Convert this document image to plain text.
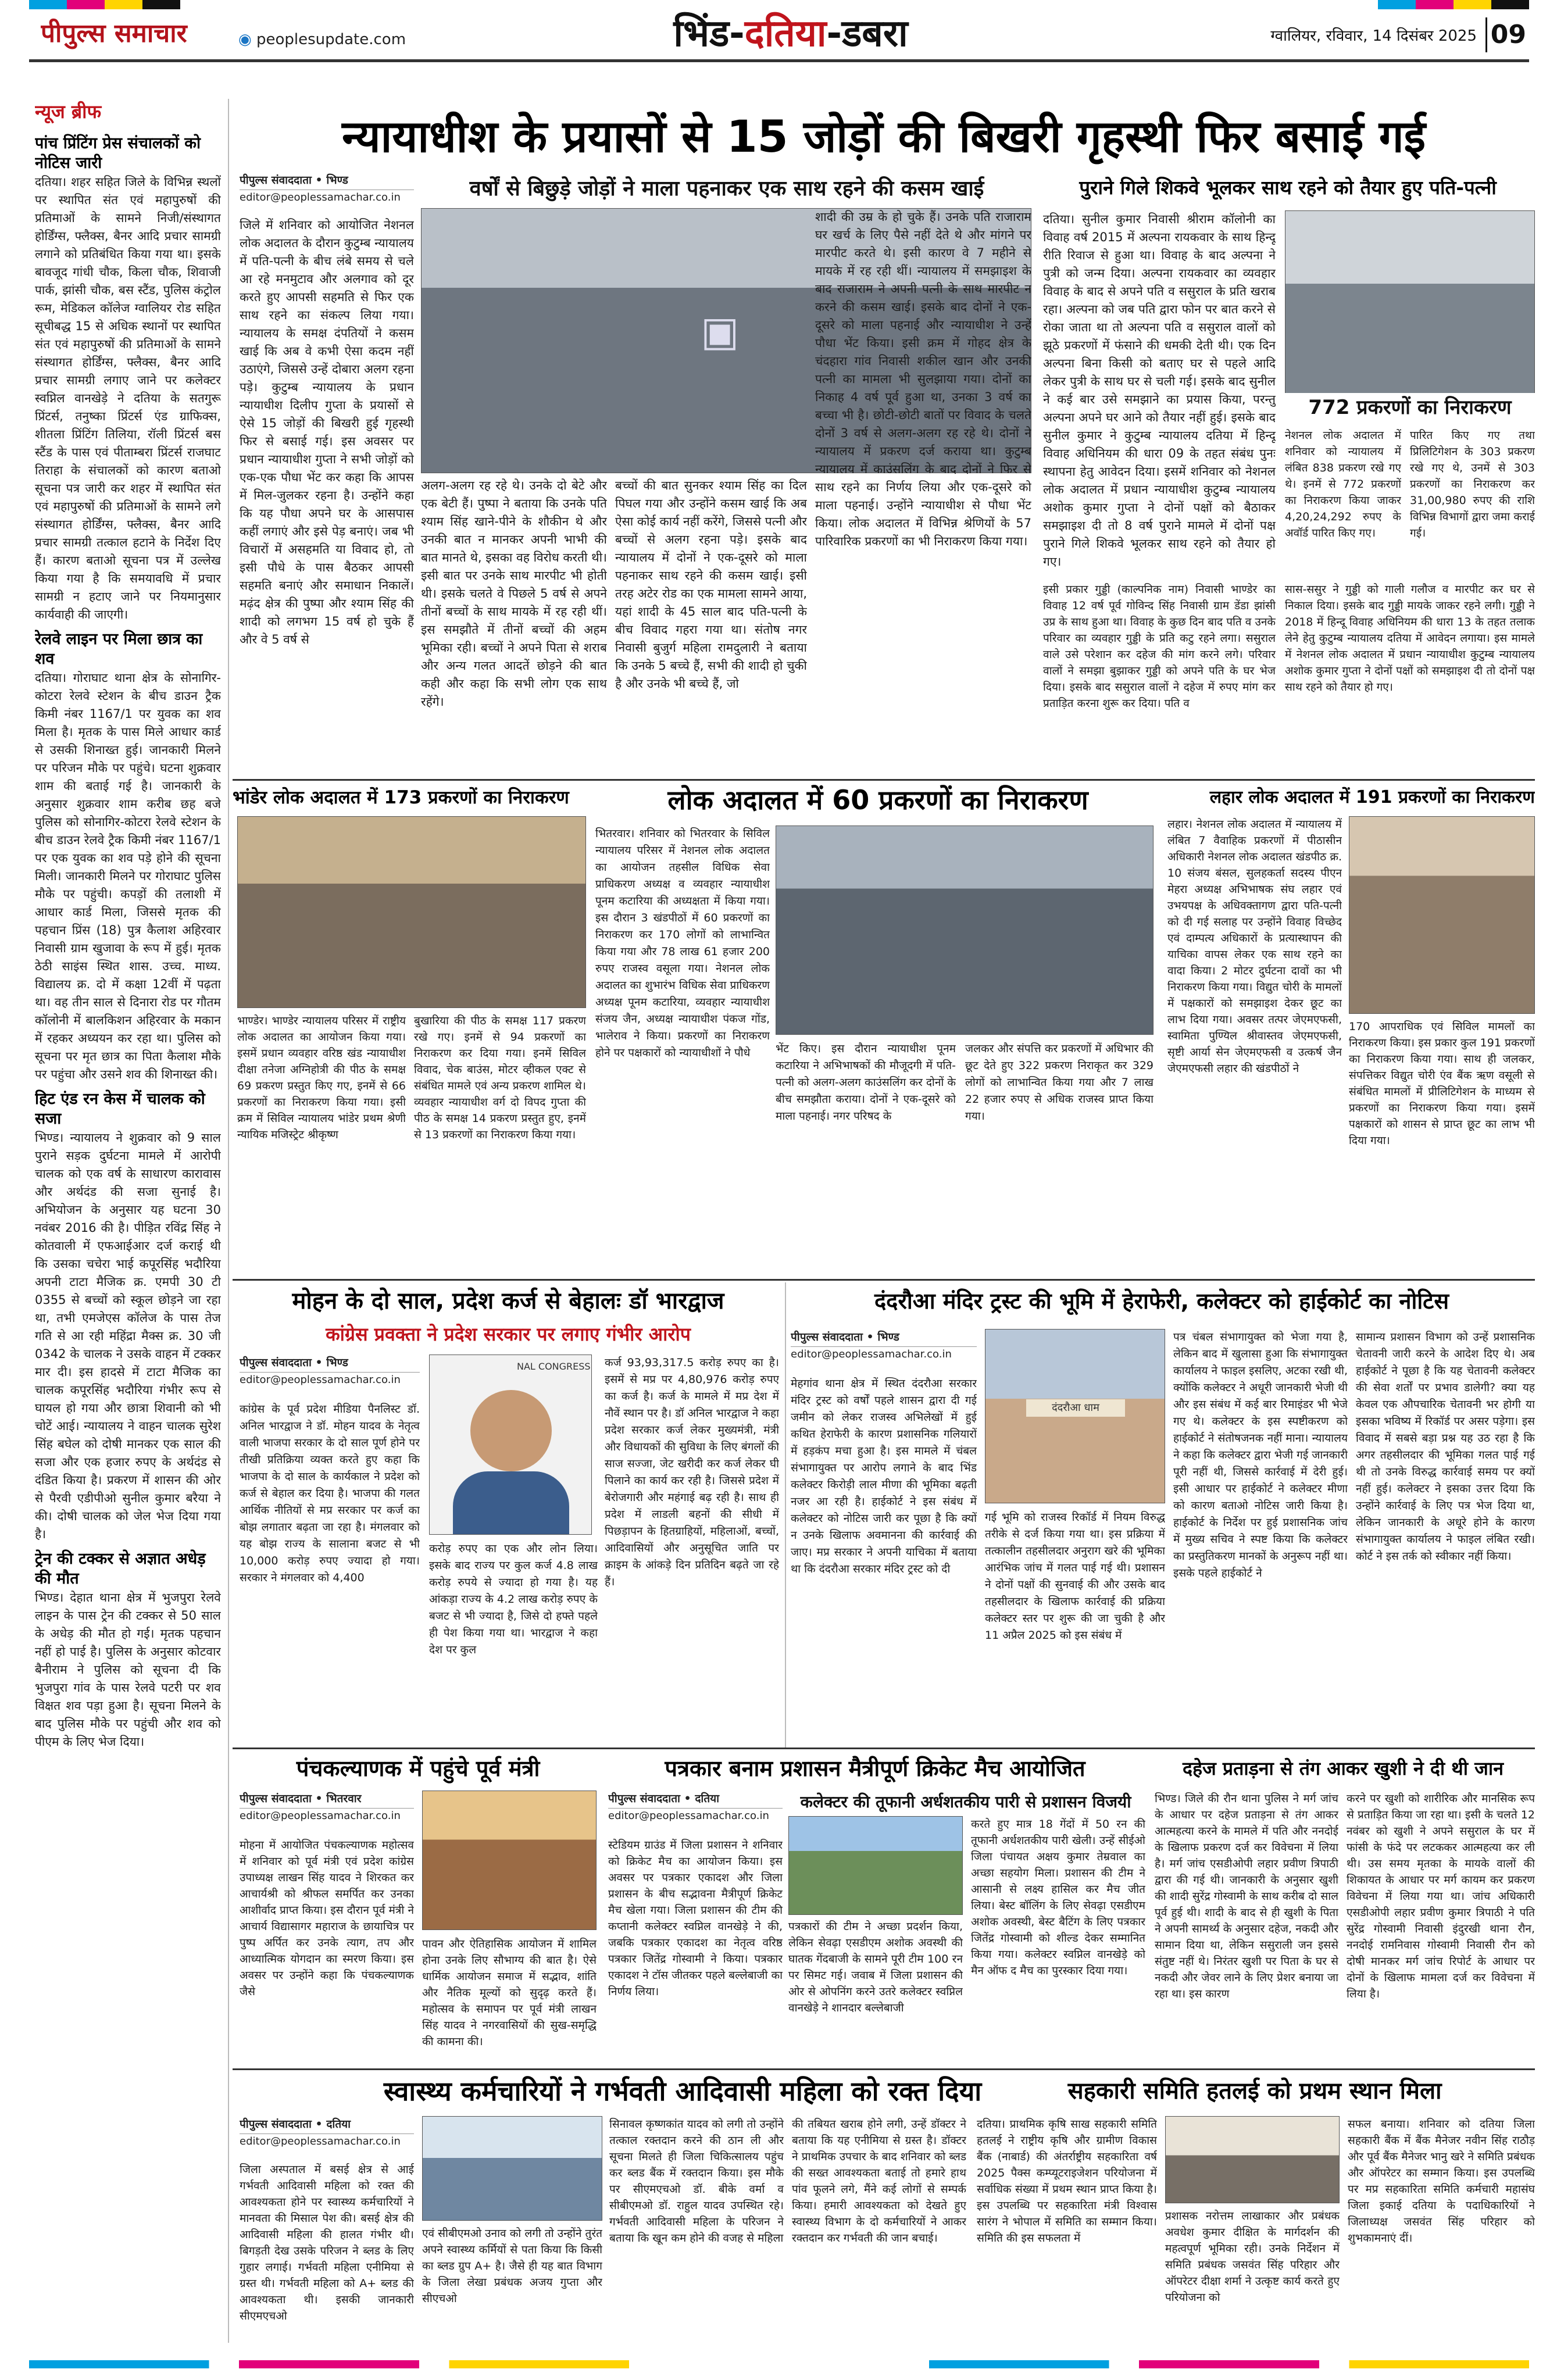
पीपुल्स समाचार	◉ peoplesupdate.com	भिंड-दतिया-डबरा	ग्वालियर, रविवार, 14 दिसंबर 2025 09
न्यूज ब्रीफ
पांच प्रिंटिंग प्रेस संचालकों को नोटिस जारी
दतिया। शहर सहित जिले के विभिन्न स्थलों पर स्थापित संत एवं महापुरुषों की प्रतिमाओं के सामने निजी/संस्थागत होर्डिंग्स, फ्लैक्स, बैनर आदि प्रचार सामग्री लगाने को प्रतिबंधित किया गया था। इसके बावजूद गांधी चौक, किला चौक, शिवाजी पार्क, झांसी चौक, बस स्टैंड, पुलिस कंट्रोल रूम, मेडिकल कॉलेज ग्वालियर रोड सहित सूचीबद्ध 15 से अधिक स्थानों पर स्थापित संत एवं महापुरुषों की प्रतिमाओं के सामने संस्थागत होर्डिंग्स, फ्लैक्स, बैनर आदि प्रचार सामग्री लगाए जाने पर कलेक्टर स्वप्निल वानखेड़े ने दतिया के सतगुरू प्रिंटर्स, तनुष्का प्रिंटर्स एंड ग्राफिक्स, शीतला प्रिंटिंग तिलिया, रॉली प्रिंटर्स बस स्टैंड के पास एवं पीताम्बरा प्रिंटर्स राजघाट तिराहा के संचालकों को कारण बताओ सूचना पत्र जारी कर शहर में स्थापित संत एवं महापुरुषों की प्रतिमाओं के सामने लगे संस्थागत होर्डिंग्स, फ्लैक्स, बैनर आदि प्रचार सामग्री तत्काल हटाने के निर्देश दिए हैं। कारण बताओ सूचना पत्र में उल्लेख किया गया है कि समयावधि में प्रचार सामग्री न हटाए जाने पर नियमानुसार कार्यवाही की जाएगी।
रेलवे लाइन पर मिला छात्र का शव
दतिया। गोराघाट थाना क्षेत्र के सोनागिर-कोटरा रेलवे स्टेशन के बीच डाउन ट्रैक किमी नंबर 1167/1 पर युवक का शव मिला है। मृतक के पास मिले आधार कार्ड से उसकी शिनाख्त हुई। जानकारी मिलने पर परिजन मौके पर पहुंचे। घटना शुक्रवार शाम की बताई गई है। जानकारी के अनुसार शुक्रवार शाम करीब छह बजे पुलिस को सोनागिर-कोटरा रेलवे स्टेशन के बीच डाउन रेलवे ट्रैक किमी नंबर 1167/1 पर एक युवक का शव पड़े होने की सूचना मिली। जानकारी मिलने पर गोराघाट पुलिस मौके पर पहुंची। कपड़ों की तलाशी में आधार कार्ड मिला, जिससे मृतक की पहचान प्रिंस (18) पुत्र कैलाश अहिरवार निवासी ग्राम खुजावा के रूप में हुई। मृतक ठेठी साइंस स्थित शास. उच्च. माध्य. विद्यालय क्र. दो में कक्षा 12वीं में पढ़ता था। वह तीन साल से दिनारा रोड पर गौतम कॉलोनी में बालकिशन अहिरवार के मकान में रहकर अध्ययन कर रहा था। पुलिस को सूचना पर मृत छात्र का पिता कैलाश मौके पर पहुंचा और उसने शव की शिनाख्त की।
हिट एंड रन केस में चालक को सजा
भिण्ड। न्यायालय ने शुक्रवार को 9 साल पुराने सड़क दुर्घटना मामले में आरोपी चालक को एक वर्ष के साधारण कारावास और अर्थदंड की सजा सुनाई है। अभियोजन के अनुसार यह घटना 30 नवंबर 2016 की है। पीड़ित रविंद्र सिंह ने कोतवाली में एफआईआर दर्ज कराई थी कि उसका चचेरा भाई कपूरसिंह भदौरिया अपनी टाटा मैजिक क्र. एमपी 30 टी 0355 से बच्चों को स्कूल छोड़ने जा रहा था, तभी एमजेएस कॉलेज के पास तेज गति से आ रही महिंद्रा मैक्स क्र. 30 जी 0342 के चालक ने उसके वाहन में टक्कर मार दी। इस हादसे में टाटा मैजिक का चालक कपूरसिंह भदौरिया गंभीर रूप से घायल हो गया और छात्रा शिवानी को भी चोटें आई। न्यायालय ने वाहन चालक सुरेश सिंह बघेल को दोषी मानकर एक साल की सजा और एक हजार रुपए के अर्थदंड से दंडित किया है। प्रकरण में शासन की ओर से पैरवी एडीपीओ सुनील कुमार बरैया ने की। दोषी चालक को जेल भेज दिया गया है।
ट्रेन की टक्कर से अज्ञात अधेड़ की मौत
भिण्ड। देहात थाना क्षेत्र में भुजपुरा रेलवे लाइन के पास ट्रेन की टक्कर से 50 साल के अधेड़ की मौत हो गई। मृतक पहचान नहीं हो पाई है। पुलिस के अनुसार कोटवार बैनीराम ने पुलिस को सूचना दी कि भुजपुरा गांव के पास रेलवे पटरी पर शव विक्षत शव पड़ा हुआ है। सूचना मिलने के बाद पुलिस मौके पर पहुंची और शव को पीएम के लिए भेज दिया।
न्यायाधीश के प्रयासों से 15 जोड़ों की बिखरी गृहस्थी फिर बसाई गई
पीपुल्स संवाददाता • भिण्ड
editor@peoplessamachar.co.in	वर्षों से बिछुड़े जोड़ों ने माला पहनाकर एक साथ रहने की कसम खाई
जिले में शनिवार को आयोजित नेशनल लोक अदालत के दौरान कुटुम्ब न्यायालय में पति-पत्नी के बीच लंबे समय से चले आ रहे मनमुटाव और अलगाव को दूर करते हुए आपसी सहमति से फिर एक साथ रहने का संकल्प लिया गया। न्यायालय के समक्ष दंपतियों ने कसम खाई कि अब वे कभी ऐसा कदम नहीं उठाएंगे, जिससे उन्हें दोबारा अलग रहना पड़े। कुटुम्ब न्यायालय के प्रधान न्यायाधीश दिलीप गुप्ता के प्रयासों से ऐसे 15 जोड़ों की बिखरी हुई गृहस्थी फिर से बसाई गई। इस अवसर पर प्रधान न्यायाधीश गुप्ता ने सभी जोड़ों को एक-एक पौधा भेंट कर कहा कि आपस में मिल-जुलकर रहना है। उन्होंने कहा कि यह पौधा अपने घर के आसपास कहीं लगाएं और इसे पेड़ बनाएं। जब भी विचारों में असहमति या विवाद हो, तो इसी पौधे के पास बैठकर आपसी सहमति बनाएं और समाधान निकालें। मढ़ंद क्षेत्र की पुष्पा और श्याम सिंह की शादी को लगभग 15 वर्ष हो चुके हैं और वे 5 वर्ष से
▣
अलग-अलग रह रहे थे। उनके दो बेटे और एक बेटी हैं। पुष्पा ने बताया कि उनके पति श्याम सिंह खाने-पीने के शौकीन थे और उनकी बात न मानकर अपनी भाभी की बात मानते थे, इसका वह विरोध करती थी। इसी बात पर उनके साथ मारपीट भी होती थी। इसके चलते वे पिछले 5 वर्ष से अपने तीनों बच्चों के साथ मायके में रह रही थीं। इस समझौते में तीनों बच्चों की अहम भूमिका रही। बच्चों ने अपने पिता से शराब और अन्य गलत आदतें छोड़ने की बात कही और कहा कि सभी लोग एक साथ रहेंगे।
बच्चों की बात सुनकर श्याम सिंह का दिल पिघल गया और उन्होंने कसम खाई कि अब ऐसा कोई कार्य नहीं करेंगे, जिससे पत्नी और बच्चों से अलग रहना पड़े। इसके बाद न्यायालय में दोनों ने एक-दूसरे को माला पहनाकर साथ रहने की कसम खाई। इसी तरह अटेर रोड का एक मामला सामने आया, यहां शादी के 45 साल बाद पति-पत्नी के बीच विवाद गहरा गया था। संतोष नगर निवासी बुजुर्ग महिला रामदुलारी ने बताया कि उनके 5 बच्चे हैं, सभी की शादी हो चुकी है और उनके भी बच्चे हैं, जो
शादी की उम्र के हो चुके हैं। उनके पति राजाराम घर खर्च के लिए पैसे नहीं देते थे और मांगने पर मारपीट करते थे। इसी कारण वे 7 महीने से मायके में रह रही थीं। न्यायालय में समझाइश के बाद राजाराम ने अपनी पत्नी के साथ मारपीट न करने की कसम खाई। इसके बाद दोनों ने एक-दूसरे को माला पहनाई और न्यायाधीश ने उन्हें पौधा भेंट किया। इसी क्रम में गोहद क्षेत्र के चंदहारा गांव निवासी शकील खान और उनकी पत्नी का मामला भी सुलझाया गया। दोनों का निकाह 4 वर्ष पूर्व हुआ था, उनका 3 वर्ष का बच्चा भी है। छोटी-छोटी बातों पर विवाद के चलते दोनों 3 वर्ष से अलग-अलग रह रहे थे। दोनों ने न्यायालय में प्रकरण दर्ज कराया था। कुटुम्ब न्यायालय में काउंसलिंग के बाद दोनों ने फिर से साथ रहने का निर्णय लिया और एक-दूसरे को माला पहनाई। उन्होंने न्यायाधीश से पौधा भेंट किया। लोक अदालत में विभिन्न श्रेणियों के 57 पारिवारिक प्रकरणों का भी निराकरण किया गया।
पुराने गिले शिकवे भूलकर साथ रहने को तैयार हुए पति-पत्नी
दतिया। सुनील कुमार निवासी श्रीराम कॉलोनी का विवाह वर्ष 2015 में अल्पना रायकवार के साथ हिन्दू रीति रिवाज से हुआ था। विवाह के बाद अल्पना ने पुत्री को जन्म दिया। अल्पना रायकवार का व्यवहार विवाह के बाद से अपने पति व ससुराल के प्रति खराब रहा। अल्पना को जब पति द्वारा फोन पर बात करने से रोका जाता था तो अल्पना पति व ससुराल वालों को झूठे प्रकरणों में फंसाने की धमकी देती थी। एक दिन अल्पना बिना किसी को बताए घर से पहले आदि लेकर पुत्री के साथ घर से चली गई। इसके बाद सुनील ने कई बार उसे समझाने का प्रयास किया, परन्तु अल्पना अपने घर आने को तैयार नहीं हुई। इसके बाद सुनील कुमार ने कुटुम्ब न्यायालय दतिया में हिन्दू विवाह अधिनियम की धारा 09 के तहत संबंध पुनः स्थापना हेतु आवेदन दिया। इसमें शनिवार को नेशनल लोक अदालत में प्रधान न्यायाधीश कुटुम्ब न्यायालय अशोक कुमार गुप्ता ने दोनों पक्षों को बैठाकर समझाइश दी तो 8 वर्ष पुराने मामले में दोनों पक्ष पुराने गिले शिकवे भूलकर साथ रहने को तैयार हो गए।
772 प्रकरणों का निराकरण
नेशनल लोक अदालत में शनिवार को न्यायालय में लंबित 838 प्रकरण रखे गए थे। इनमें से 772 प्रकरणों का निराकरण किया जाकर 4,20,24,292 रुपए के अवॉर्ड पारित किए गए।
पारित किए गए तथा प्रिलिटिगेशन के 303 प्रकरण रखे गए थे, उनमें से 303 प्रकरणों का निराकरण कर 31,00,980 रुपए की राशि विभिन्न विभागों द्वारा जमा कराई गई।
इसी प्रकार गुड्डी (काल्पनिक नाम) निवासी भाण्डेर का विवाह 12 वर्ष पूर्व गोविन्द सिंह निवासी ग्राम डेंडा झांसी उप्र के साथ हुआ था। विवाह के कुछ दिन बाद पति व उनके परिवार का व्यवहार गुड्डी के प्रति कटु रहने लगा। ससुराल वाले उसे परेशान कर दहेज की मांग करने लगे। परिवार वालों ने समझा बुझाकर गुड्डी को अपने पति के घर भेज दिया। इसके बाद ससुराल वालों ने दहेज में रुपए मांग कर प्रताड़ित करना शुरू कर दिया। पति व
सास-ससुर ने गुड्डी को गाली गलौज व मारपीट कर घर से निकाल दिया। इसके बाद गुड्डी मायके जाकर रहने लगी। गुड्डी ने 2018 में हिन्दू विवाह अधिनियम की धारा 13 के तहत तलाक लेने हेतु कुटुम्ब न्यायालय दतिया में आवेदन लगाया। इस मामले में नेशनल लोक अदालत में प्रधान न्यायाधीश कुटुम्ब न्यायालय अशोक कुमार गुप्ता ने दोनों पक्षों को समझाइश दी तो दोनों पक्ष साथ रहने को तैयार हो गए।
भांडेर लोक अदालत में 173 प्रकरणों का निराकरण
भाण्डेर। भाण्डेर न्यायालय परिसर में राष्ट्रीय लोक अदालत का आयोजन किया गया। इसमें प्रधान व्यवहार वरिष्ठ खंड न्यायाधीश दीक्षा तनेजा अग्निहोत्री की पीठ के समक्ष 69 प्रकरण प्रस्तुत किए गए, इनमें से 66 प्रकरणों का निराकरण किया गया। इसी क्रम में सिविल न्यायालय भांडेर प्रथम श्रेणी न्यायिक मजिस्ट्रेट श्रीकृष्ण
बुखारिया की पीठ के समक्ष 117 प्रकरण रखे गए। इनमें से 94 प्रकरणों का निराकरण कर दिया गया। इनमें सिविल विवाद, चेक बाउंस, मोटर व्हीकल एक्ट से संबंधित मामले एवं अन्य प्रकरण शामिल थे। व्यवहार न्यायाधीश वर्ग दो विपद गुप्ता की पीठ के समक्ष 14 प्रकरण प्रस्तुत हुए, इनमें से 13 प्रकरणों का निराकरण किया गया।
लोक अदालत में 60 प्रकरणों का निराकरण
भितरवार। शनिवार को भितरवार के सिविल न्यायालय परिसर में नेशनल लोक अदालत का आयोजन तहसील विधिक सेवा प्राधिकरण अध्यक्ष व व्यवहार न्यायाधीश पूनम कटारिया की अध्यक्षता में किया गया। इस दौरान 3 खंडपीठों में 60 प्रकरणों का निराकरण कर 170 लोगों को लाभान्वित किया गया और 78 लाख 61 हजार 200 रुपए राजस्व वसूला गया। नेशनल लोक अदालत का शुभारंभ विधिक सेवा प्राधिकरण अध्यक्ष पूनम कटारिया, व्यवहार न्यायाधीश संजय जैन, अध्यक्ष न्यायाधीश पंकज गोंड, भालेराव ने किया। प्रकरणों का निराकरण होने पर पक्षकारों को न्यायाधीशों ने पौधे	भेंट किए। इस दौरान न्यायाधीश पूनम कटारिया ने अभिभाषकों की मौजूदगी में पति-पत्नी को अलग-अलग काउंसलिंग कर दोनों के बीच समझौता कराया। दोनों ने एक-दूसरे को माला पहनाई। नगर परिषद के
जलकर और संपत्ति कर प्रकरणों में अधिभार की छूट देते हुए 322 प्रकरण निराकृत कर 329 लोगों को लाभान्वित किया गया और 7 लाख 22 हजार रुपए से अधिक राजस्व प्राप्त किया गया।
लहार लोक अदालत में 191 प्रकरणों का निराकरण
लहार। नेशनल लोक अदालत में न्यायालय में लंबित 7 वैवाहिक प्रकरणों में पीठासीन अधिकारी नेशनल लोक अदालत खंडपीठ क्र. 10 संजय बंसल, सुलहकर्ता सदस्य पीएन मेहरा अध्यक्ष अभिभाषक संघ लहार एवं उभयपक्ष के अधिवक्तागण द्वारा पति-पत्नी को दी गई सलाह पर उन्होंने विवाह विच्छेद एवं दाम्पत्य अधिकारों के प्रत्यास्थापन की याचिका वापस लेकर एक साथ रहने का वादा किया। 2 मोटर दुर्घटना दावों का भी निराकरण किया गया। विद्युत चोरी के मामलों में पक्षकारों को समझाइश देकर छूट का लाभ दिया गया। अवसर तत्पर जेएमएफसी, स्वामिता पुण्यिल श्रीवास्तव जेएमएफसी, सृष्टी आर्या सेन जेएमएफसी व उत्कर्ष जैन जेएमएफसी लहार की खंडपीठों ने
170 आपराधिक एवं सिविल मामलों का निराकरण किया। इस प्रकार कुल 191 प्रकरणों का निराकरण किया गया। साथ ही जलकर, संपत्तिकर विद्युत चोरी एंव बैंक ऋण वसूली से संबंधित मामलों में प्रीलिटिगेशन के माध्यम से प्रकरणों का निराकरण किया गया। इसमें पक्षकारों को शासन से प्राप्त छूट का लाभ भी दिया गया।
मोहन के दो साल, प्रदेश कर्ज से बेहालः डॉ भारद्वाज
कांग्रेस प्रवक्ता ने प्रदेश सरकार पर लगाए गंभीर आरोप
पीपुल्स संवाददाता • भिण्ड
editor@peoplessamachar.co.in
कांग्रेस के पूर्व प्रदेश मीडिया पैनलिस्ट डॉ. अनिल भारद्वाज ने डॉ. मोहन यादव के नेतृत्व वाली भाजपा सरकार के दो साल पूर्ण होने पर तीखी प्रतिक्रिया व्यक्त करते हुए कहा कि भाजपा के दो साल के कार्यकाल ने प्रदेश को कर्ज से बेहाल कर दिया है। भाजपा की गलत आर्थिक नीतियों से मप्र सरकार पर कर्ज का बोझ लगातार बढ़ता जा रहा है। मंगलवार को यह बोझ राज्य के सालाना बजट से भी 10,000 करोड़ रुपए ज्यादा हो गया। सरकार ने मंगलवार को 4,400
NAL CONGRESS
करोड़ रुपए का एक और लोन लिया। इसके बाद राज्य पर कुल कर्ज 4.8 लाख करोड़ रुपये से ज्यादा हो गया है। यह आंकड़ा राज्य के 4.2 लाख करोड़ रुपए के बजट से भी ज्यादा है, जिसे दो हफ्ते पहले ही पेश किया गया था। भारद्वाज ने कहा देश पर कुल
कर्ज 93,93,317.5 करोड़ रुपए का है। इसमें से मप्र पर 4,80,976 करोड़ रुपए का कर्ज है। कर्ज के मामले में मप्र देश में नौवें स्थान पर है। डॉ अनिल भारद्वाज ने कहा प्रदेश सरकार कर्ज लेकर मुख्यमंत्री, मंत्री और विधायकों की सुविधा के लिए बंगलों की साज सज्जा, जेट खरीदी कर कर्ज लेकर घी पिलाने का कार्य कर रही है। जिससे प्रदेश में बेरोजगारी और महंगाई बढ़ रही है। साथ ही प्रदेश में लाडली बहनों की सीधी में पिछड़ापन के हितग्राहियों, महिलाओं, बच्चों, आदिवासियों और अनुसूचित जाति पर क्राइम के आंकड़े दिन प्रतिदिन बढ़ते जा रहे हैं।
दंदरौआ मंदिर ट्रस्ट की भूमि में हेराफेरी, कलेक्टर को हाईकोर्ट का नोटिस
पीपुल्स संवाददाता • भिण्ड
editor@peoplessamachar.co.in
मेहगांव थाना क्षेत्र में स्थित दंदरौआ सरकार मंदिर ट्रस्ट को वर्षों पहले शासन द्वारा दी गई जमीन को लेकर राजस्व अभिलेखों में हुई कथित हेराफेरी के कारण प्रशासनिक गलियारों में हड़कंप मचा हुआ है। इस मामले में चंबल संभागायुक्त पर आरोप लगाने के बाद भिंड कलेक्टर किरोड़ी लाल मीणा की भूमिका बढ़ती नजर आ रही है। हाईकोर्ट ने इस संबंध में कलेक्टर को नोटिस जारी कर पूछा है कि क्यों न उनके खिलाफ अवमानना की कार्रवाई की जाए। मप्र सरकार ने अपनी याचिका में बताया था कि दंदरौआ सरकार मंदिर ट्रस्ट को दी
दंदरौआ धाम
गई भूमि को राजस्व रिकॉर्ड में नियम विरुद्ध तरीके से दर्ज किया गया था। इस प्रक्रिया में तत्कालीन तहसीलदार अनुराग खरे की भूमिका आरंभिक जांच में गलत पाई गई थी। प्रशासन ने दोनों पक्षों की सुनवाई की और उसके बाद तहसीलदार के खिलाफ कार्रवाई की प्रक्रिया कलेक्टर स्तर पर शुरू की जा चुकी है और 11 अप्रैल 2025 को इस संबंध में
पत्र चंबल संभागायुक्त को भेजा गया है, लेकिन बाद में खुलासा हुआ कि संभागायुक्त कार्यालय ने फाइल इसलिए, अटका रखी थी, क्योंकि कलेक्टर ने अधूरी जानकारी भेजी थी और इस संबंध में कई बार रिमाइंडर भी भेजे गए थे। कलेक्टर के इस स्पष्टीकरण को हाईकोर्ट ने संतोषजनक नहीं माना। न्यायालय ने कहा कि कलेक्टर द्वारा भेजी गई जानकारी पूरी नहीं थी, जिससे कार्रवाई में देरी हुई। इसी आधार पर हाईकोर्ट ने कलेक्टर मीणा को कारण बताओ नोटिस जारी किया है। हाईकोर्ट के निर्देश पर हुई प्रशासनिक जांच में मुख्य सचिव ने स्पष्ट किया कि कलेक्टर का प्रस्तुतिकरण मानकों के अनुरूप नहीं था। इसके पहले हाईकोर्ट ने
सामान्य प्रशासन विभाग को उन्हें प्रशासनिक चेतावनी जारी करने के आदेश दिए थे। अब हाईकोर्ट ने पूछा है कि यह चेतावनी कलेक्टर की सेवा शर्तों पर प्रभाव डालेगी? क्या यह केवल एक औपचारिक चेतावनी भर होगी या इसका भविष्य में रिकॉर्ड पर असर पड़ेगा। इस विवाद में सबसे बड़ा प्रश्न यह उठ रहा है कि अगर तहसीलदार की भूमिका गलत पाई गई थी तो उनके विरुद्ध कार्रवाई समय पर क्यों नहीं हुई। कलेक्टर ने इसका उत्तर दिया कि उन्होंने कार्रवाई के लिए पत्र भेज दिया था, लेकिन जानकारी के अधूरे होने के कारण संभागायुक्त कार्यालय ने फाइल लंबित रखी। कोर्ट ने इस तर्क को स्वीकार नहीं किया।
पंचकल्याणक में पहुंचे पूर्व मंत्री
पीपुल्स संवाददाता • भितरवार
editor@peoplessamachar.co.in
मोहना में आयोजित पंचकल्याणक महोत्सव में शनिवार को पूर्व मंत्री एवं प्रदेश कांग्रेस उपाध्यक्ष लाखन सिंह यादव ने शिरकत कर आचार्यश्री को श्रीफल समर्पित कर उनका आशीर्वाद प्राप्त किया। इस दौरान पूर्व मंत्री ने आचार्य विद्यासागर महाराज के छायाचित्र पर पुष्प अर्पित कर उनके त्याग, तप और आध्यात्मिक योगदान का स्मरण किया। इस अवसर पर उन्होंने कहा कि पंचकल्याणक जैसे
पावन और ऐतिहासिक आयोजन में शामिल होना उनके लिए सौभाग्य की बात है। ऐसे धार्मिक आयोजन समाज में सद्भाव, शांति और नैतिक मूल्यों को सुदृढ़ करते हैं। महोत्सव के समापन पर पूर्व मंत्री लाखन सिंह यादव ने नगरवासियों की सुख-समृद्धि की कामना की।
पत्रकार बनाम प्रशासन मैत्रीपूर्ण क्रिकेट मैच आयोजित
पीपुल्स संवाददाता • दतिया
editor@peoplessamachar.co.in
कलेक्टर की तूफानी अर्धशतकीय पारी से प्रशासन विजयी
स्टेडियम ग्राउंड में जिला प्रशासन ने शनिवार को क्रिकेट मैच का आयोजन किया। इस अवसर पर पत्रकार एकादश और जिला प्रशासन के बीच सद्भावना मैत्रीपूर्ण क्रिकेट मैच खेला गया। जिला प्रशासन की टीम की कप्तानी कलेक्टर स्वप्निल वानखेड़े ने की, जबकि पत्रकार एकादश का नेतृत्व वरिष्ठ पत्रकार जितेंद्र गोस्वामी ने किया। पत्रकार एकादश ने टॉस जीतकर पहले बल्लेबाजी का निर्णय लिया।
पत्रकारों की टीम ने अच्छा प्रदर्शन किया, लेकिन सेवढ़ा एसडीएम अशोक अवस्थी की घातक गेंदबाजी के सामने पूरी टीम 100 रन पर सिमट गई। जवाब में जिला प्रशासन की ओर से ओपनिंग करने उतरे कलेक्टर स्वप्निल वानखेड़े ने शानदार बल्लेबाजी
करते हुए मात्र 18 गेंदों में 50 रन की तूफानी अर्धशतकीय पारी खेली। उन्हें सीईओ जिला पंचायत अक्षय कुमार तेम्रवाल का अच्छा सहयोग मिला। प्रशासन की टीम ने आसानी से लक्ष्य हासिल कर मैच जीत लिया। बेस्ट बॉलिंग के लिए सेवढ़ा एसडीएम अशोक अवस्थी, बेस्ट बैटिंग के लिए पत्रकार जितेंद्र गोस्वामी को शील्ड देकर सम्मानित किया गया। कलेक्टर स्वप्निल वानखेड़े को मैन ऑफ द मैच का पुरस्कार दिया गया।
दहेज प्रताड़ना से तंग आकर खुशी ने दी थी जान
भिण्ड। जिले की रौन थाना पुलिस ने मर्ग जांच के आधार पर दहेज प्रताड़ना से तंग आकर आत्महत्या करने के मामले में पति और ननदोई के खिलाफ प्रकरण दर्ज कर विवेचना में लिया है। मर्ग जांच एसडीओपी लहार प्रवीण त्रिपाठी द्वारा की गई थी। जानकारी के अनुसार खुशी की शादी सुरेंद्र गोस्वामी के साथ करीब दो साल पूर्व हुई थी। शादी के बाद से ही खुशी के पिता ने अपनी सामर्थ्य के अनुसार दहेज, नकदी और सामान दिया था, लेकिन ससुराली जन इससे संतुष्ट नहीं थे। निरंतर खुशी पर पिता के घर से नकदी और जेवर लाने के लिए प्रेशर बनाया जा रहा था। इस कारण
करने पर खुशी को शारीरिक और मानसिक रूप से प्रताड़ित किया जा रहा था। इसी के चलते 12 नवंबर को खुशी ने अपने ससुराल के घर में फांसी के फंदे पर लटककर आत्महत्या कर ली थी। उस समय मृतका के मायके वालों की शिकायत के आधार पर मर्ग कायम कर प्रकरण विवेचना में लिया गया था। जांच अधिकारी एसडीओपी लहार प्रवीण कुमार त्रिपाठी ने पति सुरेंद्र गोस्वामी निवासी इंदुरखी थाना रौन, ननदोई रामनिवास गोस्वामी निवासी रौन को दोषी मानकर मर्ग जांच रिपोर्ट के आधार पर दोनों के खिलाफ मामला दर्ज कर विवेचना में लिया है।
स्वास्थ्य कर्मचारियों ने गर्भवती आदिवासी महिला को रक्त दिया
पीपुल्स संवाददाता • दतिया
editor@peoplessamachar.co.in
जिला अस्पताल में बसई क्षेत्र से आई गर्भवती आदिवासी महिला को रक्त की आवश्यकता होने पर स्वास्थ्य कर्मचारियों ने मानवता की मिसाल पेश की। बसई क्षेत्र की आदिवासी महिला की हालत गंभीर थी। बिगड़ती देख उसके परिजन ने ब्लड के लिए गुहार लगाई। गर्भवती महिला एनीमिया से ग्रस्त थी। गर्भवती महिला को A+ ब्लड की आवश्यकता थी। इसकी जानकारी सीएमएचओ
एवं सीबीएमओ उनाव को लगी तो उन्होंने तुरंत अपने स्वास्थ्य कर्मियों से पता किया कि किसी का ब्लड ग्रुप A+ है। जैसे ही यह बात विभाग के जिला लेखा प्रबंधक अजय गुप्ता और सीएचओ
सिनावल कृष्णकांत यादव को लगी तो उन्होंने तत्काल रक्तदान करने की ठान ली और सूचना मिलते ही जिला चिकित्सालय पहुंच कर ब्लड बैंक में रक्तदान किया। इस मौके पर सीएमएचओ डॉ. बीके वर्मा व सीबीएमओ डॉ. राहुल यादव उपस्थित रहे। गर्भवती आदिवासी महिला के परिजन ने बताया कि खून कम होने की वजह से महिला
की तबियत खराब होने लगी, उन्हें डॉक्टर ने बताया कि यह एनीमिया से ग्रस्त है। डॉक्टर ने प्राथमिक उपचार के बाद शनिवार को ब्लड की सख्त आवश्यकता बताई तो हमारे हाथ पांव फूलने लगे, मैंने कई लोगों से सम्पर्क किया। हमारी आवश्यकता को देखते हुए स्वास्थ्य विभाग के दो कर्मचारियों ने आकर रक्तदान कर गर्भवती की जान बचाई।
सहकारी समिति हतलई को प्रथम स्थान मिला
दतिया। प्राथमिक कृषि साख सहकारी समिति हतलई ने राष्ट्रीय कृषि और ग्रामीण विकास बैंक (नाबार्ड) की अंतर्राष्ट्रीय सहकारिता वर्ष 2025 पैक्स कम्प्यूटराइजेशन परियोजना में सर्वाधिक संख्या में प्रथम स्थान प्राप्त किया है। इस उपलब्धि पर सहकारिता मंत्री विश्वास सारंग ने भोपाल में समिति का सम्मान किया। समिति की इस सफलता में
प्रशासक नरोत्तम लाखाकार और प्रबंधक अवधेश कुमार दीक्षित के मार्गदर्शन की महत्वपूर्ण भूमिका रही। उनके निर्देशन में समिति प्रबंधक जसवंत सिंह परिहार और ऑपरेटर दीक्षा शर्मा ने उत्कृष्ट कार्य करते हुए परियोजना को
सफल बनाया। शनिवार को दतिया जिला सहकारी बैंक में बैंक मैनेजर नवीन सिंह राठौड़ और पूर्व बैंक मैनेजर भानु खरे ने समिति प्रबंधक और ऑपरेटर का सम्मान किया। इस उपलब्धि पर मप्र सहकारिता समिति कर्मचारी महासंघ जिला इकाई दतिया के पदाधिकारियों ने जिलाध्यक्ष जसवंत सिंह परिहार को शुभकामनाएं दीं।
